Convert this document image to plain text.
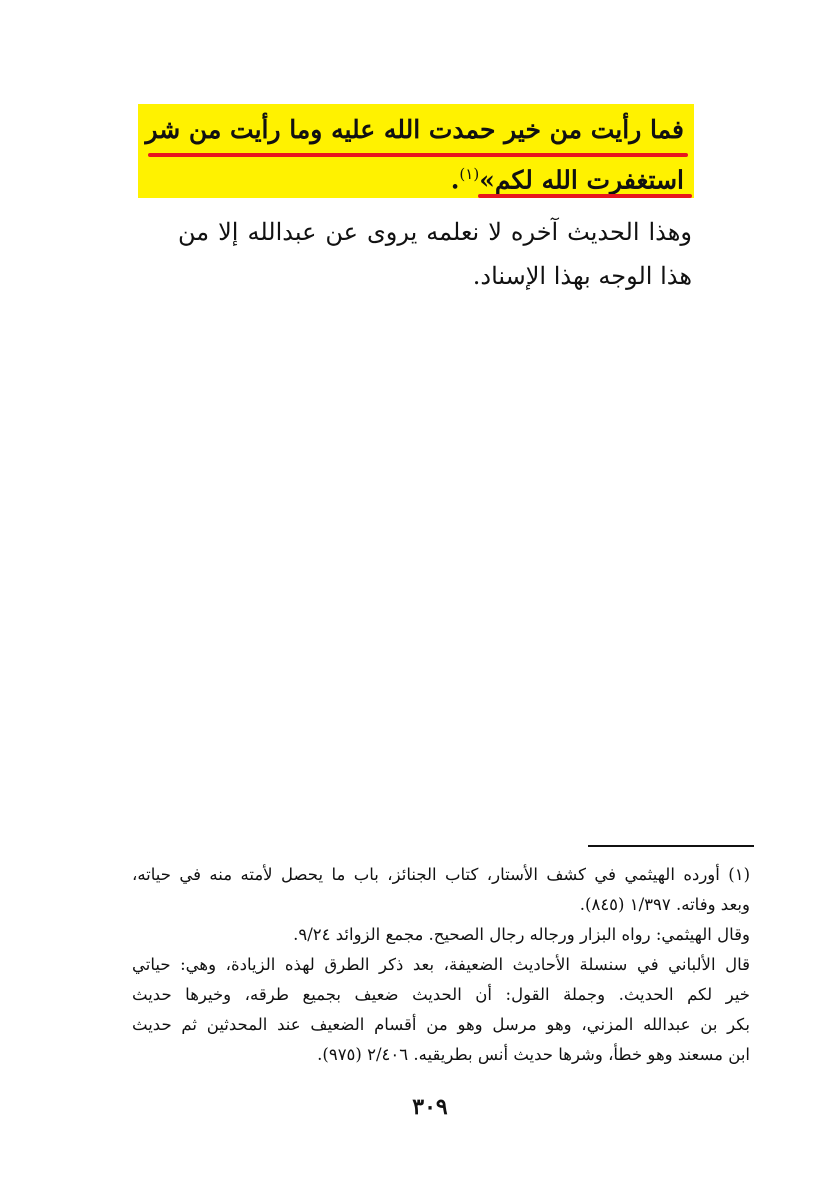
فما رأيت من خير حمدت الله عليه وما رأيت من شر
استغفرت الله لكم»$^{(١)}$.
وهذا الحديث آخره لا نعلمه يروى عن عبدالله إلا من
هذا الوجه بهذا الإسناد.
(١) أورده الهيثمي في كشف الأستار، كتاب الجنائز، باب ما يحصل لأمته منه في حياته،
وبعد وفاته. ١/٣٩٧ (٨٤٥).
وقال الهيثمي: رواه البزار ورجاله رجال الصحيح. مجمع الزوائد ٩/٢٤.
قال الألباني في سنسلة الأحاديث الضعيفة، بعد ذكر الطرق لهذه الزيادة، وهي: حياتي
خير لكم الحديث. وجملة القول: أن الحديث ضعيف بجميع طرقه، وخيرها حديث
بكر بن عبدالله المزني، وهو مرسل وهو من أقسام الضعيف عند المحدثين ثم حديث
ابن مسعند وهو خطأ، وشرها حديث أنس بطريقيه. ٢/٤٠٦ (٩٧٥).
٣٠٩
